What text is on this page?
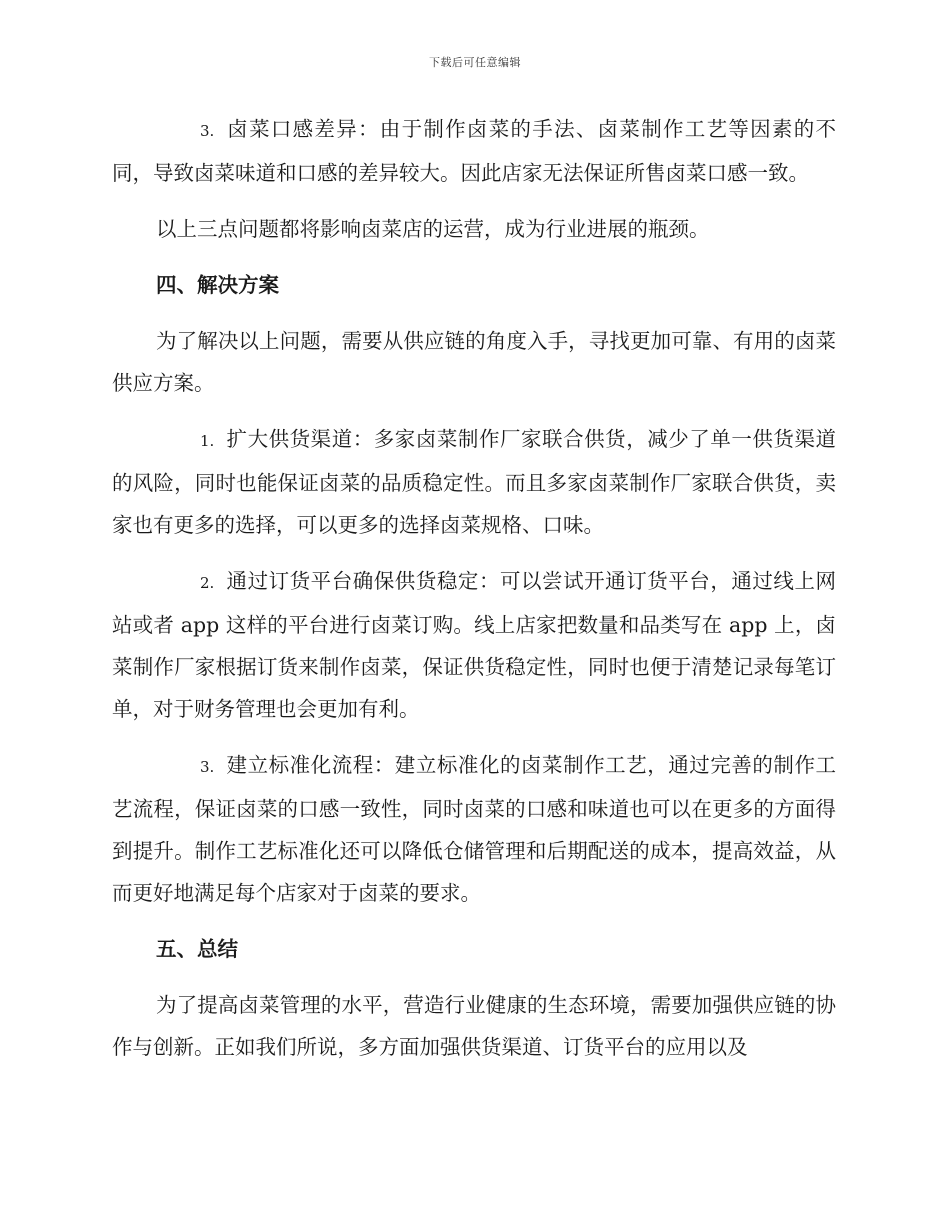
下载后可任意编辑

3. 卤菜口感差异：由于制作卤菜的手法、卤菜制作工艺等因素的不同，导致卤菜味道和口感的差异较大。因此店家无法保证所售卤菜口感一致。

以上三点问题都将影响卤菜店的运营，成为行业进展的瓶颈。

四、解决方案

为了解决以上问题，需要从供应链的角度入手，寻找更加可靠、有用的卤菜供应方案。

1. 扩大供货渠道：多家卤菜制作厂家联合供货，减少了单一供货渠道的风险，同时也能保证卤菜的品质稳定性。而且多家卤菜制作厂家联合供货，卖家也有更多的选择，可以更多的选择卤菜规格、口味。

2. 通过订货平台确保供货稳定：可以尝试开通订货平台，通过线上网站或者 app 这样的平台进行卤菜订购。线上店家把数量和品类写在 app 上，卤菜制作厂家根据订货来制作卤菜，保证供货稳定性，同时也便于清楚记录每笔订单，对于财务管理也会更加有利。

3. 建立标准化流程：建立标准化的卤菜制作工艺，通过完善的制作工艺流程，保证卤菜的口感一致性，同时卤菜的口感和味道也可以在更多的方面得到提升。制作工艺标准化还可以降低仓储管理和后期配送的成本，提高效益，从而更好地满足每个店家对于卤菜的要求。

五、总结

为了提高卤菜管理的水平，营造行业健康的生态环境，需要加强供应链的协作与创新。正如我们所说，多方面加强供货渠道、订货平台的应用以及
